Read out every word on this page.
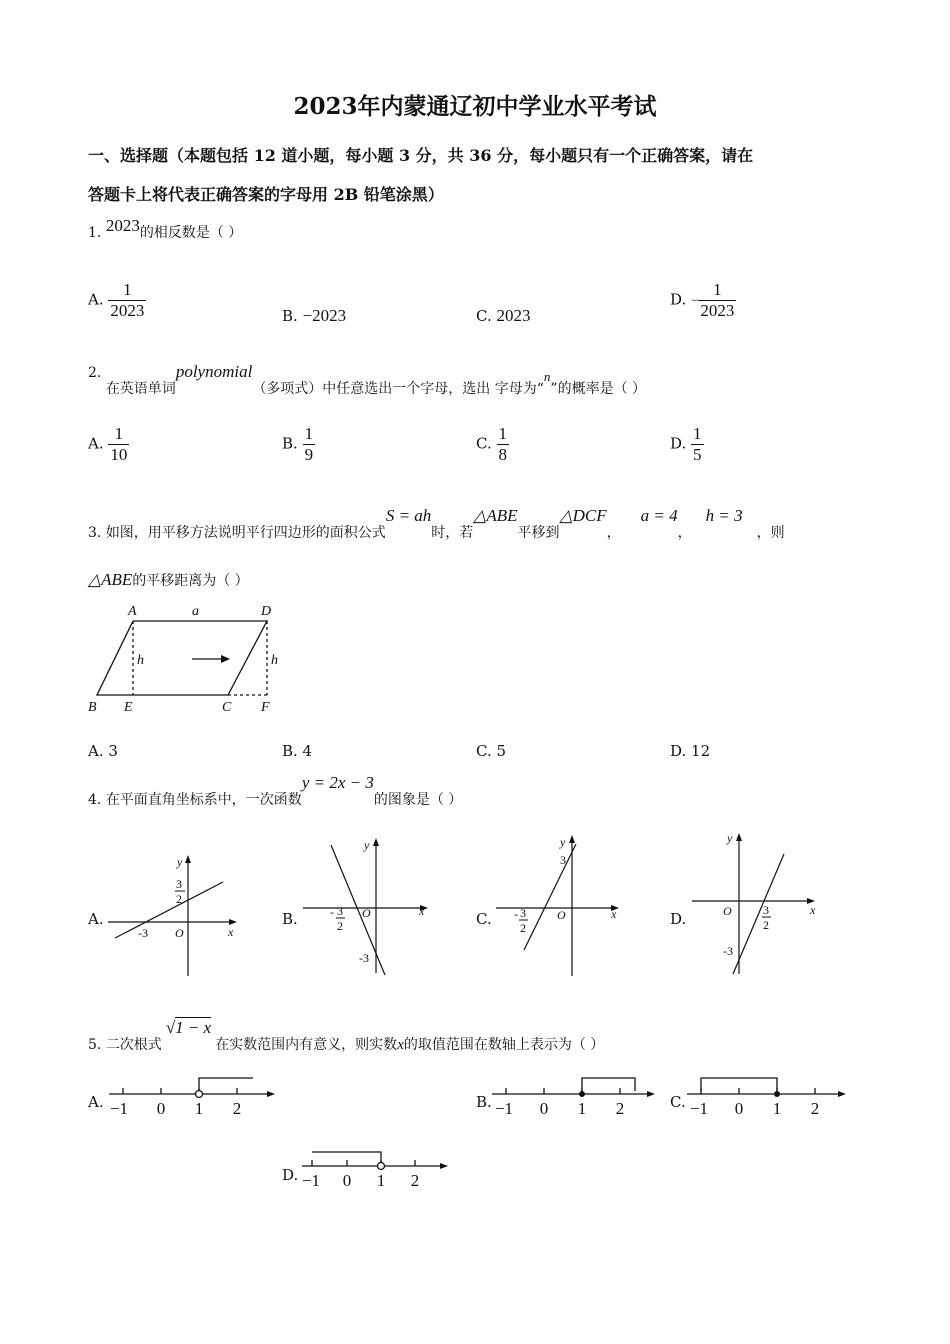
2023年内蒙通辽初中学业水平考试
一、选择题（本题包括 12 道小题，每小题 3 分，共 36 分，每小题只有一个正确答案，请在
答题卡上将代表正确答案的字母用 2B 铅笔涂黑）
1. 2023的相反数是（ ）
A. $\frac{1}{2023}$	B. −2023	C. 2023
D. − $\frac{1}{2023}$
2. 在英语单词polynomial（多项式）中任意选出一个字母，选出 字母为“n”的概率是（ ）
A. $\frac{1}{10}$	B. $\frac{1}{9}$	C. $\frac{1}{8}$	D. $\frac{1}{5}$
3. 如图，用平移方法说明平行四边形的面积公式S = ah时，若△ABE平移到△DCF，a = 4，h = 3，则
△ABE的平移距离为（ ）
A	D
B E	C F
a
h	h
A. 3	B. 4	C. 5	D. 12
4. 在平面直角坐标系中，一次函数y = 2x − 3的图象是（ ）
A.	B.	C.	D.
x
y
O
-3
3
2
x
y
O
- 3
2
-3
x
y
O
3
- 3
2
x
y
O	3
2
-3
5. 二次根式√1 − x在实数范围内有意义，则实数x的取值范围在数轴上表示为（ ）
A.	B.	C.
D.
−1 0 1 2	−1 0 1 2	−1 0 1 2
−1 0 1 2
